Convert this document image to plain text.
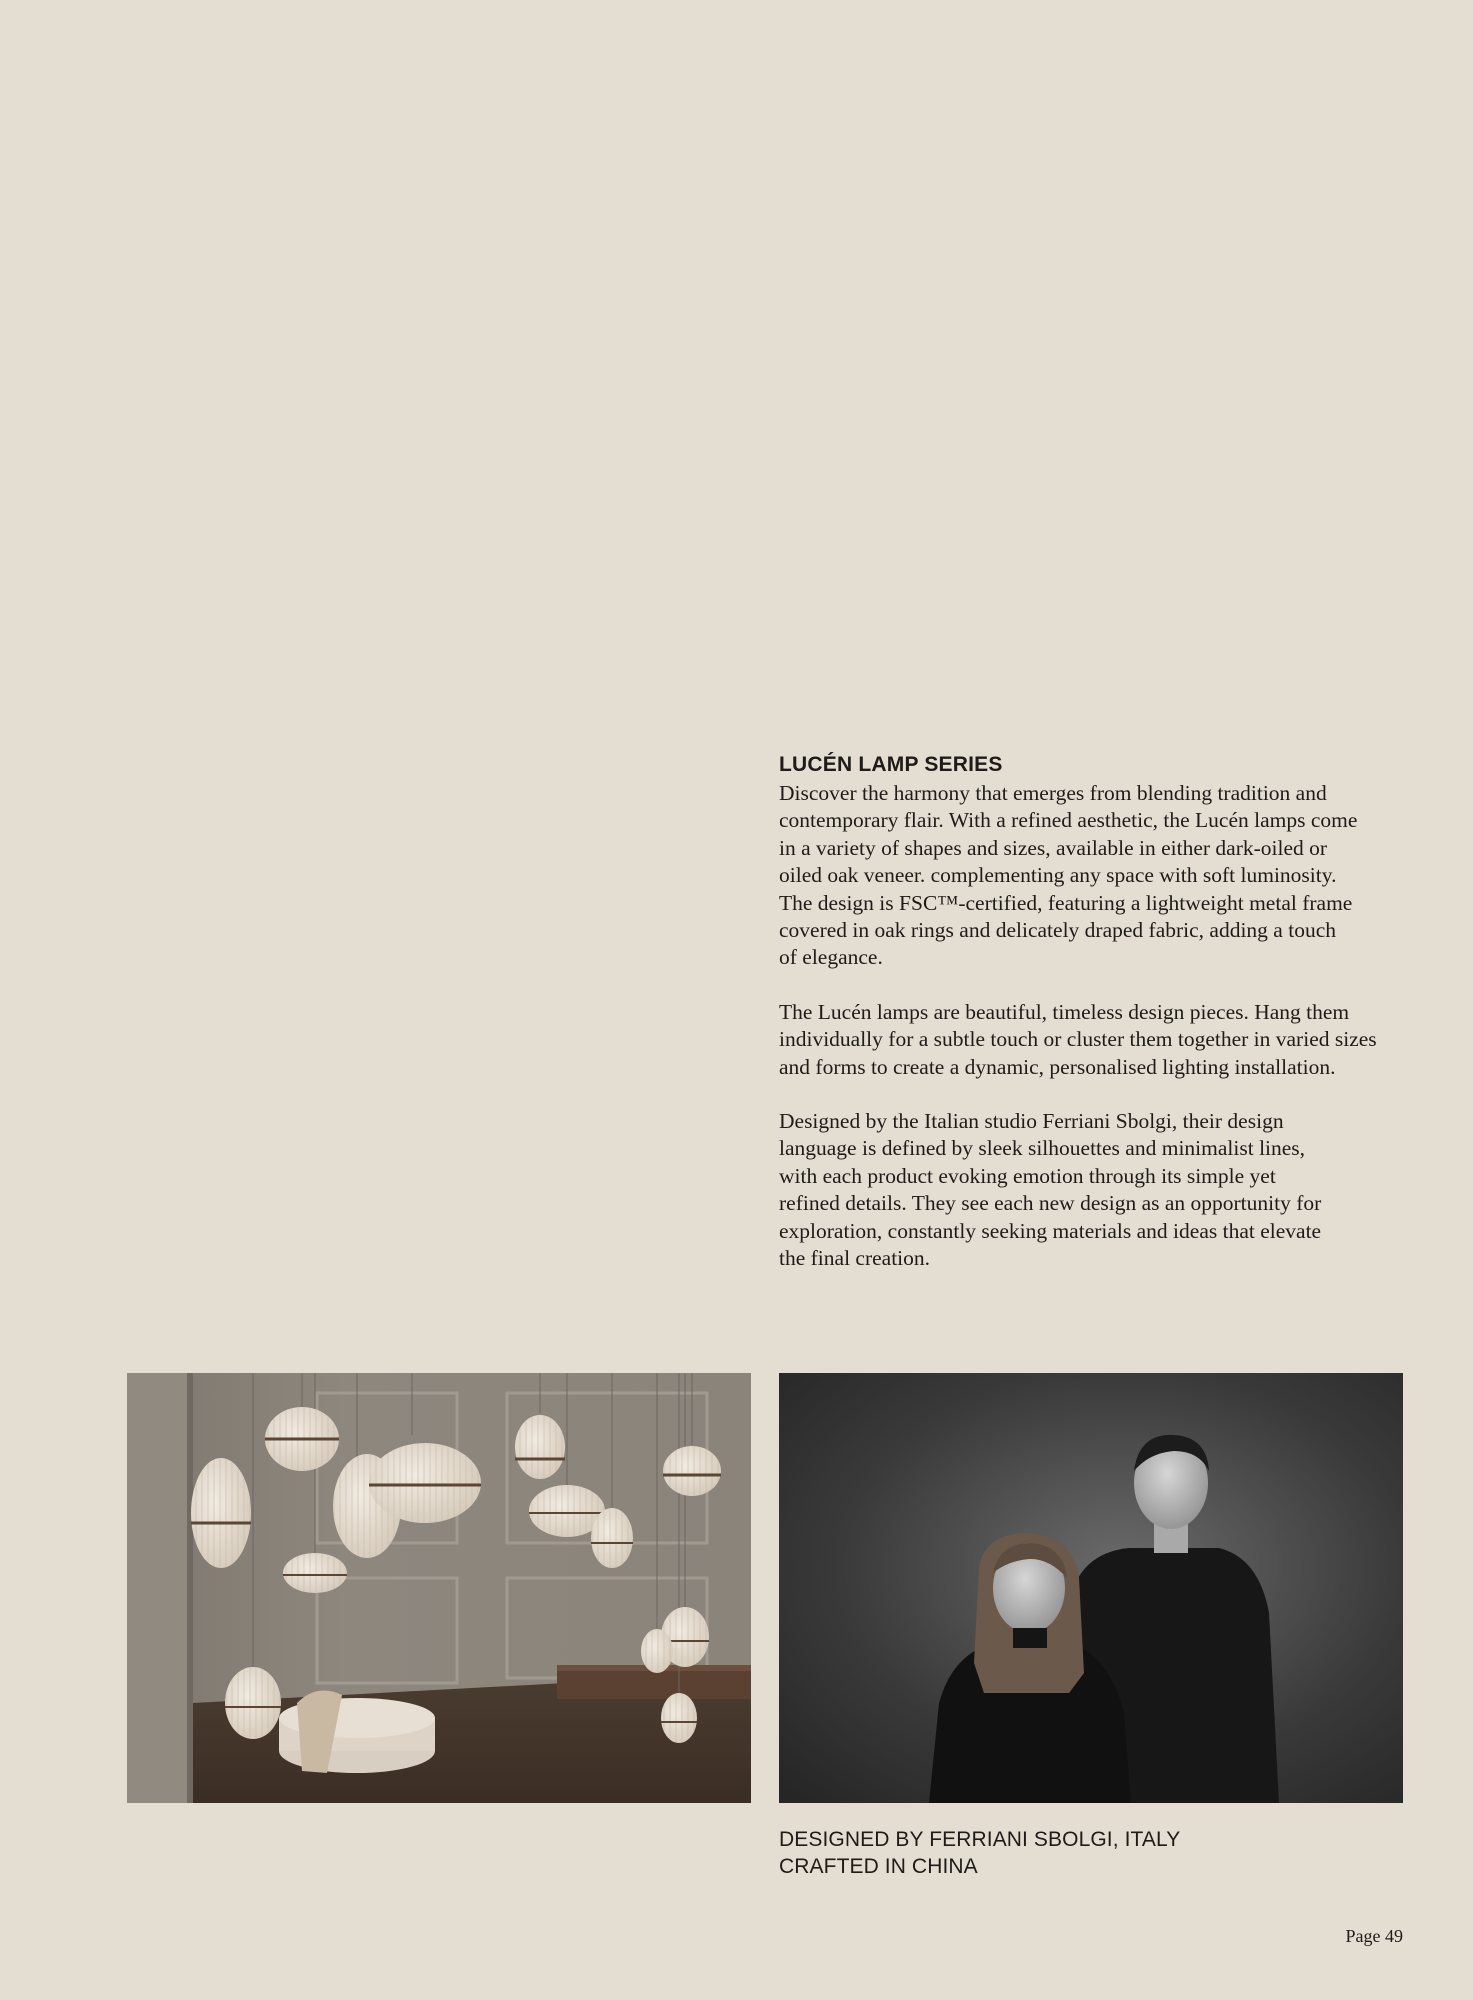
LUCÉN LAMP SERIES

Discover the harmony that emerges from blending tradition and
contemporary flair. With a refined aesthetic, the Lucén lamps come
in a variety of shapes and sizes, available in either dark-oiled or
oiled oak veneer. complementing any space with soft luminosity.
The design is FSC™-certified, featuring a lightweight metal frame
covered in oak rings and delicately draped fabric, adding a touch
of elegance.

The Lucén lamps are beautiful, timeless design pieces. Hang them
individually for a subtle touch or cluster them together in varied sizes
and forms to create a dynamic, personalised lighting installation.

Designed by the Italian studio Ferriani Sbolgi, their design
language is defined by sleek silhouettes and minimalist lines,
with each product evoking emotion through its simple yet
refined details. They see each new design as an opportunity for
exploration, constantly seeking materials and ideas that elevate
the final creation.

DESIGNED BY FERRIANI SBOLGI, ITALY
CRAFTED IN CHINA
Page 49
